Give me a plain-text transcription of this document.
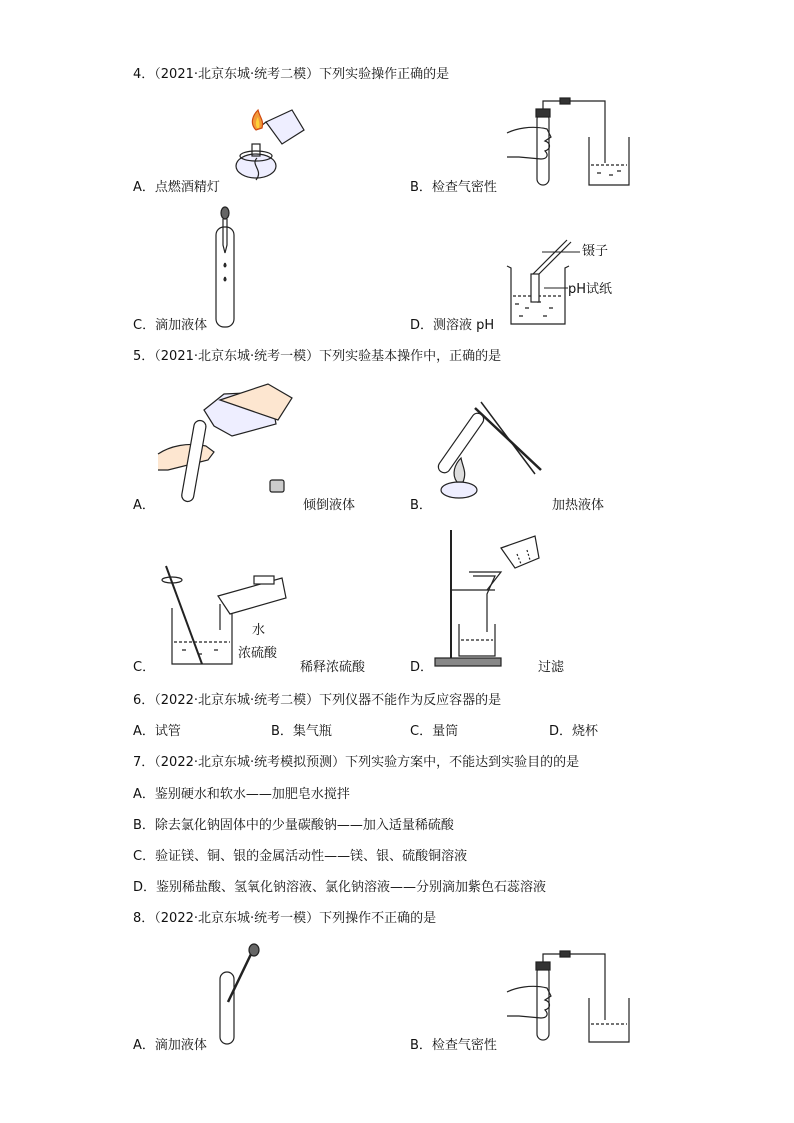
4．（2021·北京东城·统考二模）下列实验操作正确的是
A．点燃酒精灯	B．检查气密性
C．滴加液体
镊子
pH试纸
D．测溶液 pH
5．（2021·北京东城·统考一模）下列实验基本操作中，正确的是
A．	倾倒液体	B．	加热液体
水
浓硫酸
C．	稀释浓硫酸	D．	过滤
6．（2022·北京东城·统考二模）下列仪器不能作为反应容器的是
A．试管	B．集气瓶	C．量筒	D．烧杯
7．（2022·北京东城·统考模拟预测）下列实验方案中，不能达到实验目的的是
A．鉴别硬水和软水——加肥皂水搅拌
B．除去氯化钠固体中的少量碳酸钠——加入适量稀硫酸
C．验证镁、铜、银的金属活动性——镁、银、硫酸铜溶液
D．鉴别稀盐酸、氢氧化钠溶液、氯化钠溶液——分别滴加紫色石蕊溶液
8．（2022·北京东城·统考一模）下列操作不正确的是
A．滴加液体	B．检查气密性
